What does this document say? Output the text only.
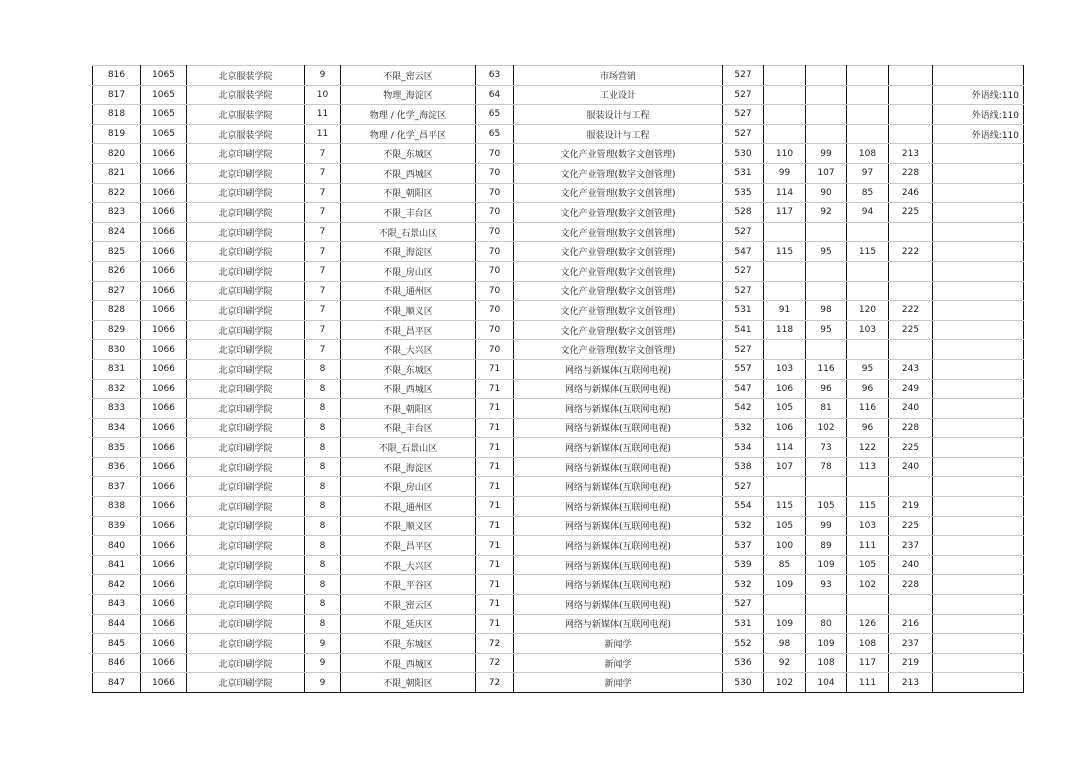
816	1065	北京服装学院	9	不限_密云区	63	市场营销	527					
817	1065	北京服装学院	10	物理_海淀区	64	工业设计	527					外语线:110
818	1065	北京服装学院	11	物理 / 化学_海淀区	65	服装设计与工程	527					外语线:110
819	1065	北京服装学院	11	物理 / 化学_昌平区	65	服装设计与工程	527					外语线:110
820	1066	北京印刷学院	7	不限_东城区	70	文化产业管理(数字文创管理)	530	110	99	108	213	
821	1066	北京印刷学院	7	不限_西城区	70	文化产业管理(数字文创管理)	531	99	107	97	228	
822	1066	北京印刷学院	7	不限_朝阳区	70	文化产业管理(数字文创管理)	535	114	90	85	246	
823	1066	北京印刷学院	7	不限_丰台区	70	文化产业管理(数字文创管理)	528	117	92	94	225	
824	1066	北京印刷学院	7	不限_石景山区	70	文化产业管理(数字文创管理)	527					
825	1066	北京印刷学院	7	不限_海淀区	70	文化产业管理(数字文创管理)	547	115	95	115	222	
826	1066	北京印刷学院	7	不限_房山区	70	文化产业管理(数字文创管理)	527					
827	1066	北京印刷学院	7	不限_通州区	70	文化产业管理(数字文创管理)	527					
828	1066	北京印刷学院	7	不限_顺义区	70	文化产业管理(数字文创管理)	531	91	98	120	222	
829	1066	北京印刷学院	7	不限_昌平区	70	文化产业管理(数字文创管理)	541	118	95	103	225	
830	1066	北京印刷学院	7	不限_大兴区	70	文化产业管理(数字文创管理)	527					
831	1066	北京印刷学院	8	不限_东城区	71	网络与新媒体(互联网电视)	557	103	116	95	243	
832	1066	北京印刷学院	8	不限_西城区	71	网络与新媒体(互联网电视)	547	106	96	96	249	
833	1066	北京印刷学院	8	不限_朝阳区	71	网络与新媒体(互联网电视)	542	105	81	116	240	
834	1066	北京印刷学院	8	不限_丰台区	71	网络与新媒体(互联网电视)	532	106	102	96	228	
835	1066	北京印刷学院	8	不限_石景山区	71	网络与新媒体(互联网电视)	534	114	73	122	225	
836	1066	北京印刷学院	8	不限_海淀区	71	网络与新媒体(互联网电视)	538	107	78	113	240	
837	1066	北京印刷学院	8	不限_房山区	71	网络与新媒体(互联网电视)	527					
838	1066	北京印刷学院	8	不限_通州区	71	网络与新媒体(互联网电视)	554	115	105	115	219	
839	1066	北京印刷学院	8	不限_顺义区	71	网络与新媒体(互联网电视)	532	105	99	103	225	
840	1066	北京印刷学院	8	不限_昌平区	71	网络与新媒体(互联网电视)	537	100	89	111	237	
841	1066	北京印刷学院	8	不限_大兴区	71	网络与新媒体(互联网电视)	539	85	109	105	240	
842	1066	北京印刷学院	8	不限_平谷区	71	网络与新媒体(互联网电视)	532	109	93	102	228	
843	1066	北京印刷学院	8	不限_密云区	71	网络与新媒体(互联网电视)	527					
844	1066	北京印刷学院	8	不限_延庆区	71	网络与新媒体(互联网电视)	531	109	80	126	216	
845	1066	北京印刷学院	9	不限_东城区	72	新闻学	552	98	109	108	237	
846	1066	北京印刷学院	9	不限_西城区	72	新闻学	536	92	108	117	219	
847	1066	北京印刷学院	9	不限_朝阳区	72	新闻学	530	102	104	111	213	
